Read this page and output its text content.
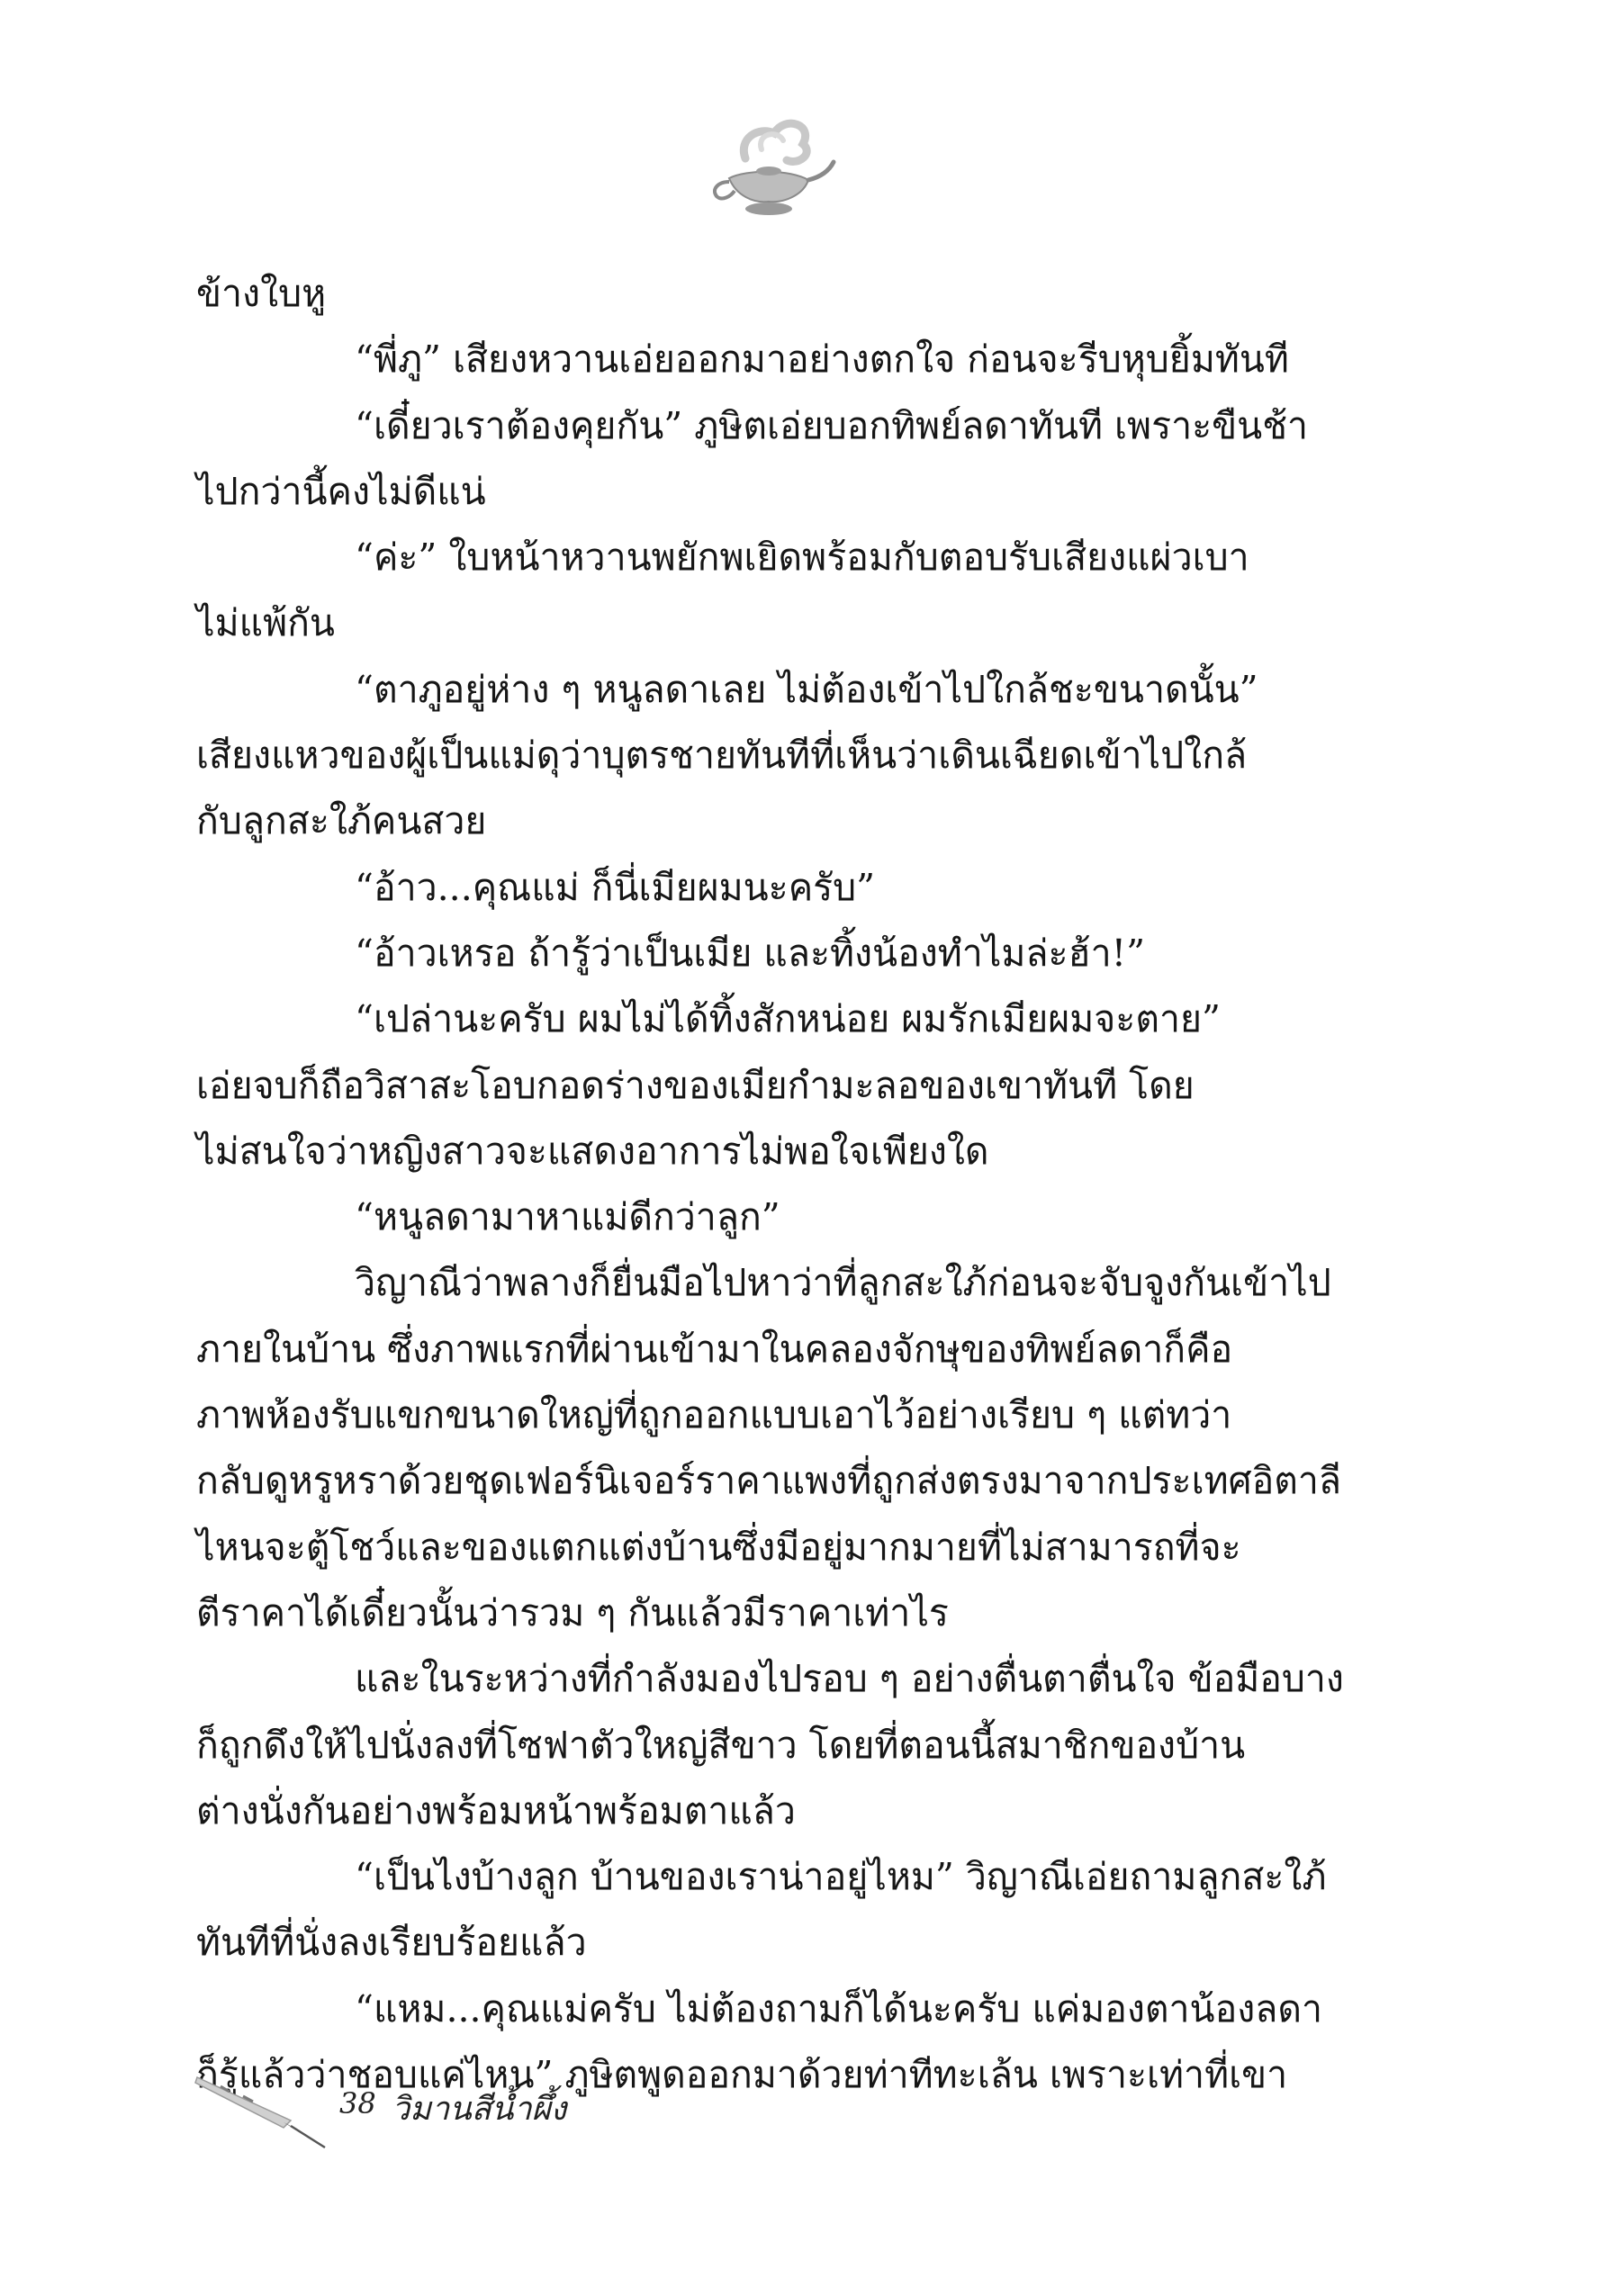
ข้างใบหู
“พี่ภู” เสียงหวานเอ่ยออกมาอย่างตกใจ ก่อนจะรีบหุบยิ้มทันที
“เดี๋ยวเราต้องคุยกัน” ภูษิตเอ่ยบอกทิพย์ลดาทันที เพราะขืนช้า
ไปกว่านี้คงไม่ดีแน่
“ค่ะ” ใบหน้าหวานพยักพเยิดพร้อมกับตอบรับเสียงแผ่วเบา
ไม่แพ้กัน
“ตาภูอยู่ห่าง ๆ หนูลดาเลย ไม่ต้องเข้าไปใกล้ชะขนาดนั้น”
เสียงแหวของผู้เป็นแม่ดุว่าบุตรชายทันทีที่เห็นว่าเดินเฉียดเข้าไปใกล้
กับลูกสะใภ้คนสวย
“อ้าว...คุณแม่ ก็นี่เมียผมนะครับ”
“อ้าวเหรอ ถ้ารู้ว่าเป็นเมีย และทิ้งน้องทำไมล่ะฮ้า!”
“เปล่านะครับ ผมไม่ได้ทิ้งสักหน่อย ผมรักเมียผมจะตาย”
เอ่ยจบก็ถือวิสาสะโอบกอดร่างของเมียกำมะลอของเขาทันที โดย
ไม่สนใจว่าหญิงสาวจะแสดงอาการไม่พอใจเพียงใด
“หนูลดามาหาแม่ดีกว่าลูก”
วิญาณีว่าพลางก็ยื่นมือไปหาว่าที่ลูกสะใภ้ก่อนจะจับจูงกันเข้าไป
ภายในบ้าน ซึ่งภาพแรกที่ผ่านเข้ามาในคลองจักษุของทิพย์ลดาก็คือ
ภาพห้องรับแขกขนาดใหญ่ที่ถูกออกแบบเอาไว้อย่างเรียบ ๆ แต่ทว่า
กลับดูหรูหราด้วยชุดเฟอร์นิเจอร์ราคาแพงที่ถูกส่งตรงมาจากประเทศอิตาลี
ไหนจะตู้โชว์และของแตกแต่งบ้านซึ่งมีอยู่มากมายที่ไม่สามารถที่จะ
ตีราคาได้เดี๋ยวนั้นว่ารวม ๆ กันแล้วมีราคาเท่าไร
และในระหว่างที่กำลังมองไปรอบ ๆ อย่างตื่นตาตื่นใจ ข้อมือบาง
ก็ถูกดึงให้ไปนั่งลงที่โซฟาตัวใหญ่สีขาว โดยที่ตอนนี้สมาชิกของบ้าน
ต่างนั่งกันอย่างพร้อมหน้าพร้อมตาแล้ว
“เป็นไงบ้างลูก บ้านของเราน่าอยู่ไหม” วิญาณีเอ่ยถามลูกสะใภ้
ทันทีที่นั่งลงเรียบร้อยแล้ว
“แหม...คุณแม่ครับ ไม่ต้องถามก็ได้นะครับ แค่มองตาน้องลดา
ก็รู้แล้วว่าชอบแค่ไหน” ภูษิตพูดออกมาด้วยท่าทีทะเล้น เพราะเท่าที่เขา
38 วิมานสีน้ำผึ้ง
